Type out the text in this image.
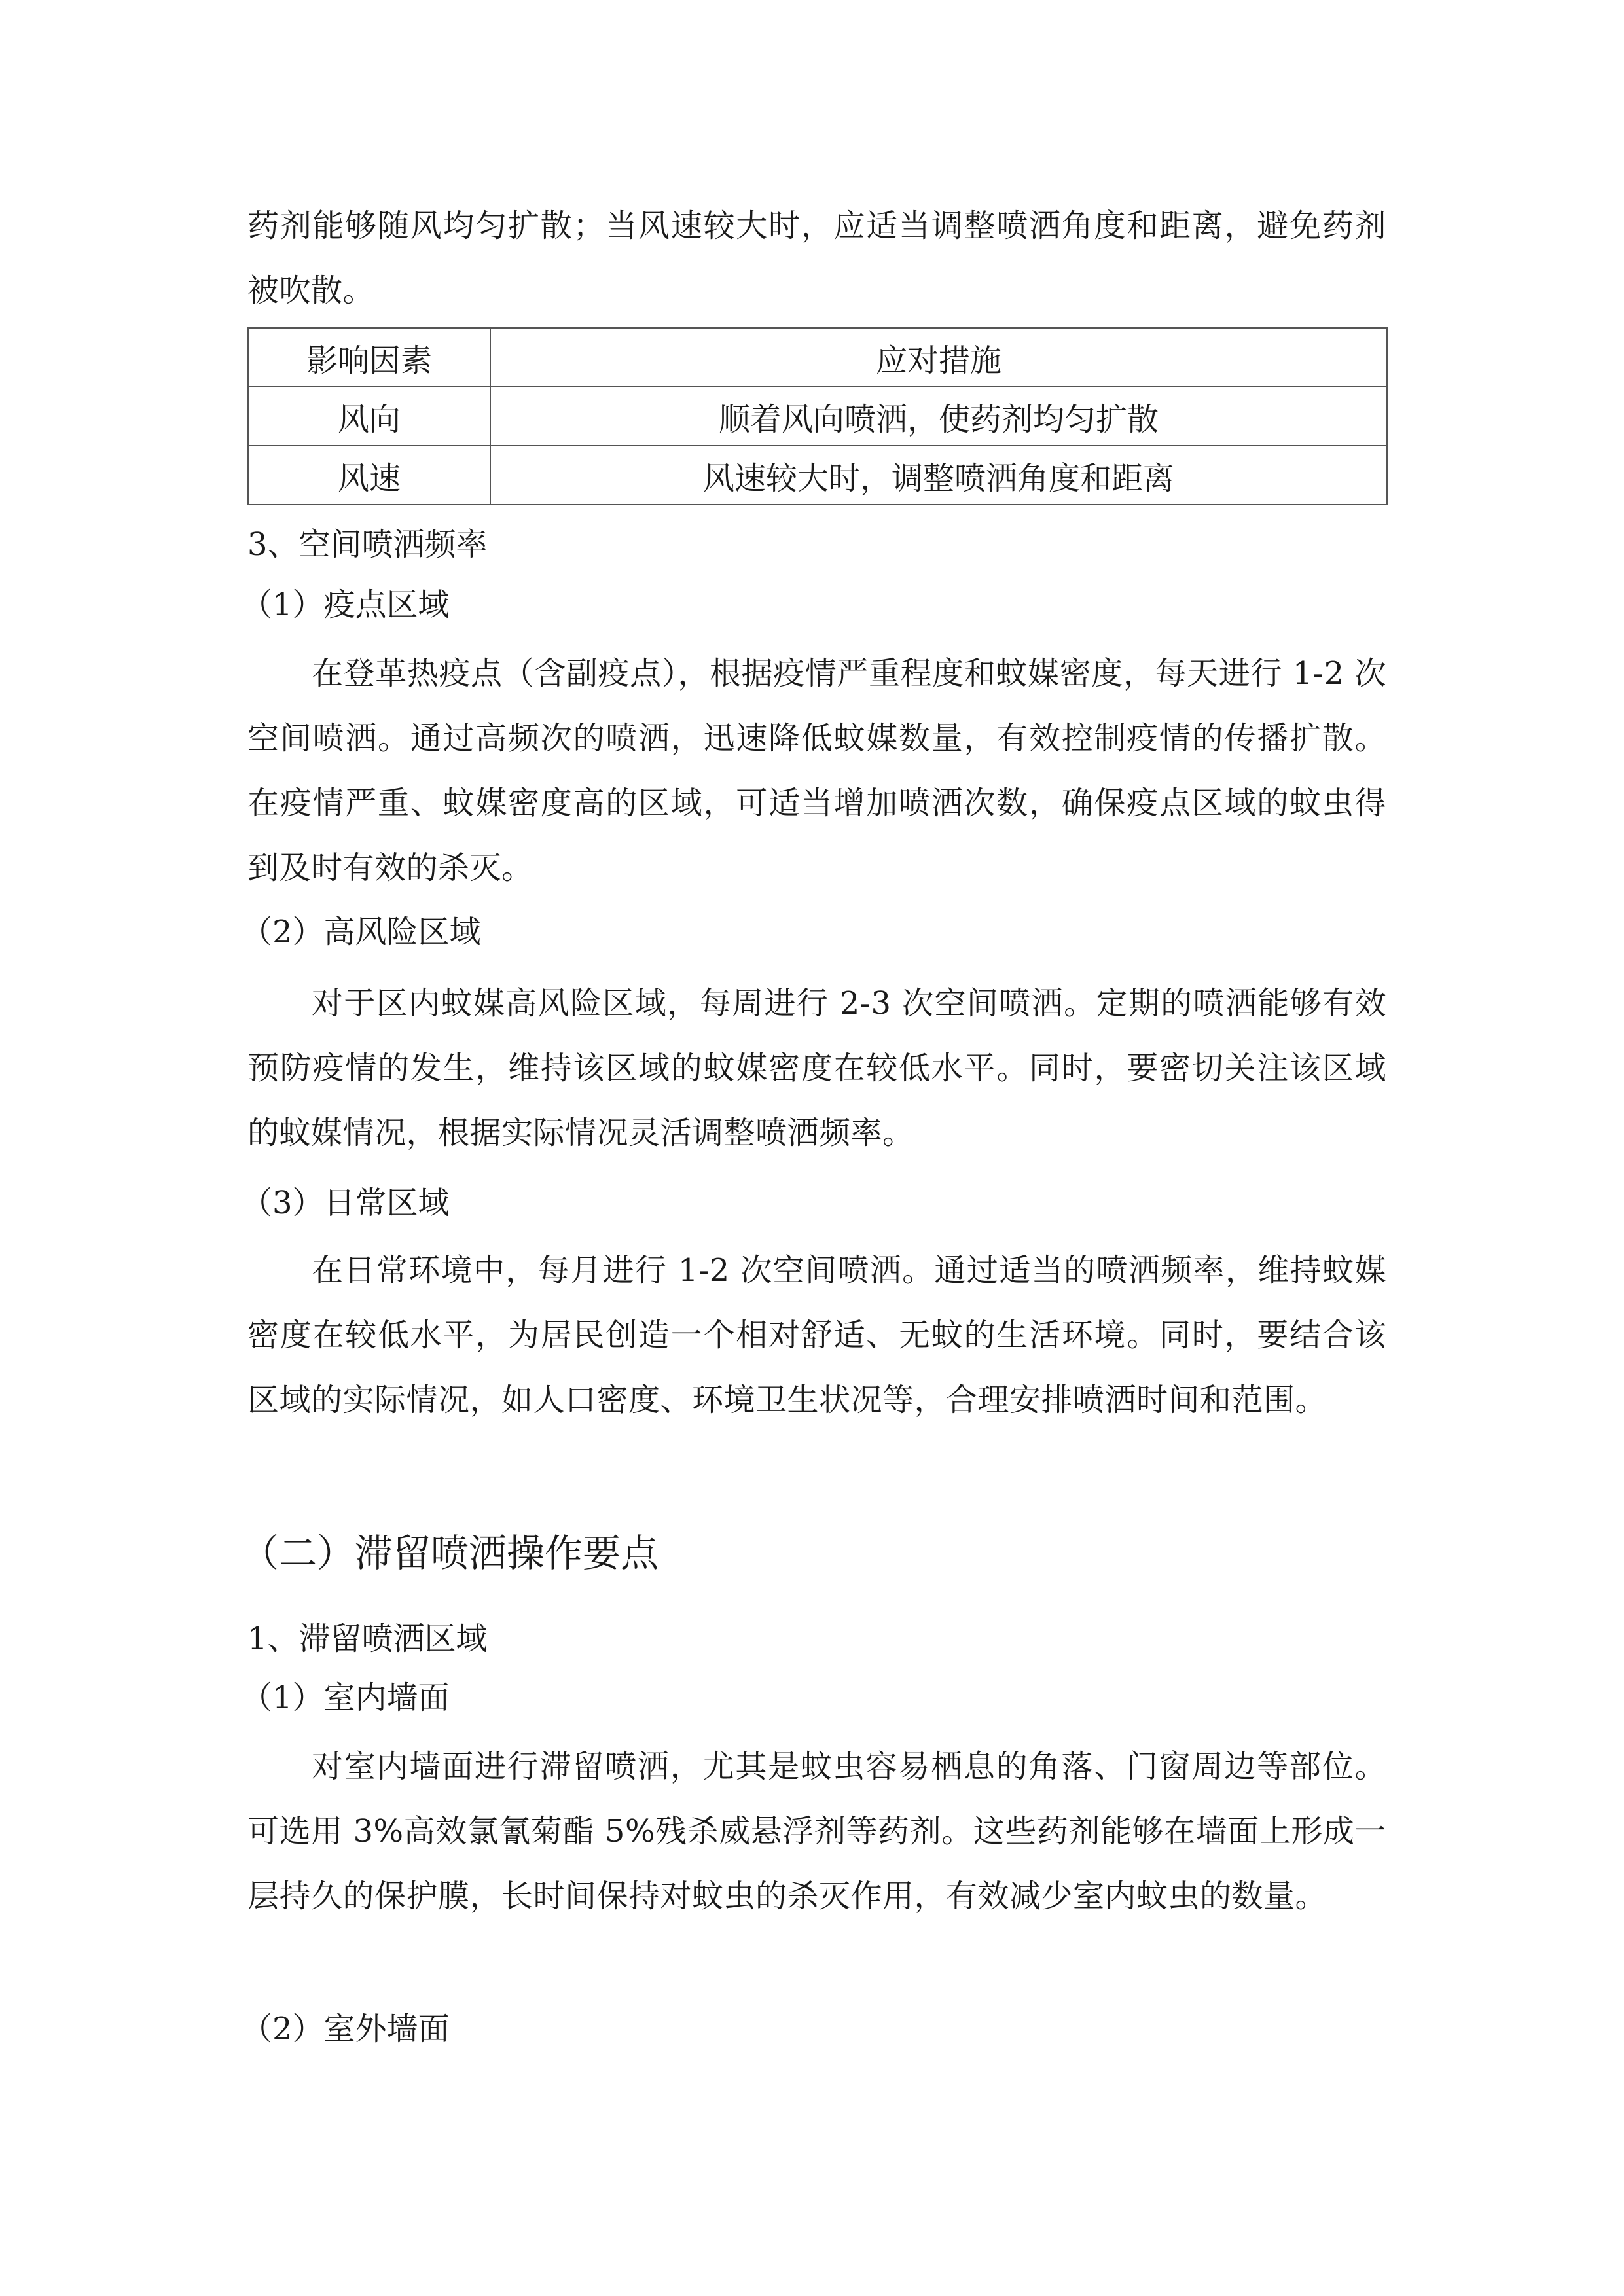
药剂能够随风均匀扩散；当风速较大时，应适当调整喷洒角度和距离，避免药剂被吹散。

影响因素	应对措施
风向	顺着风向喷洒，使药剂均匀扩散
风速	风速较大时，调整喷洒角度和距离

3、空间喷洒频率

（1）疫点区域

在登革热疫点（含副疫点），根据疫情严重程度和蚊媒密度，每天进行 1-2 次空间喷洒。通过高频次的喷洒，迅速降低蚊媒数量，有效控制疫情的传播扩散。在疫情严重、蚊媒密度高的区域，可适当增加喷洒次数，确保疫点区域的蚊虫得到及时有效的杀灭。

（2）高风险区域

对于区内蚊媒高风险区域，每周进行 2-3 次空间喷洒。定期的喷洒能够有效预防疫情的发生，维持该区域的蚊媒密度在较低水平。同时，要密切关注该区域的蚊媒情况，根据实际情况灵活调整喷洒频率。

（3）日常区域

在日常环境中，每月进行 1-2 次空间喷洒。通过适当的喷洒频率，维持蚊媒密度在较低水平，为居民创造一个相对舒适、无蚊的生活环境。同时，要结合该区域的实际情况，如人口密度、环境卫生状况等，合理安排喷洒时间和范围。

（二）滞留喷洒操作要点

1、滞留喷洒区域

（1）室内墙面

对室内墙面进行滞留喷洒，尤其是蚊虫容易栖息的角落、门窗周边等部位。可选用 3%高效氯氰菊酯 5%残杀威悬浮剂等药剂。这些药剂能够在墙面上形成一层持久的保护膜，长时间保持对蚊虫的杀灭作用，有效减少室内蚊虫的数量。

（2）室外墙面
